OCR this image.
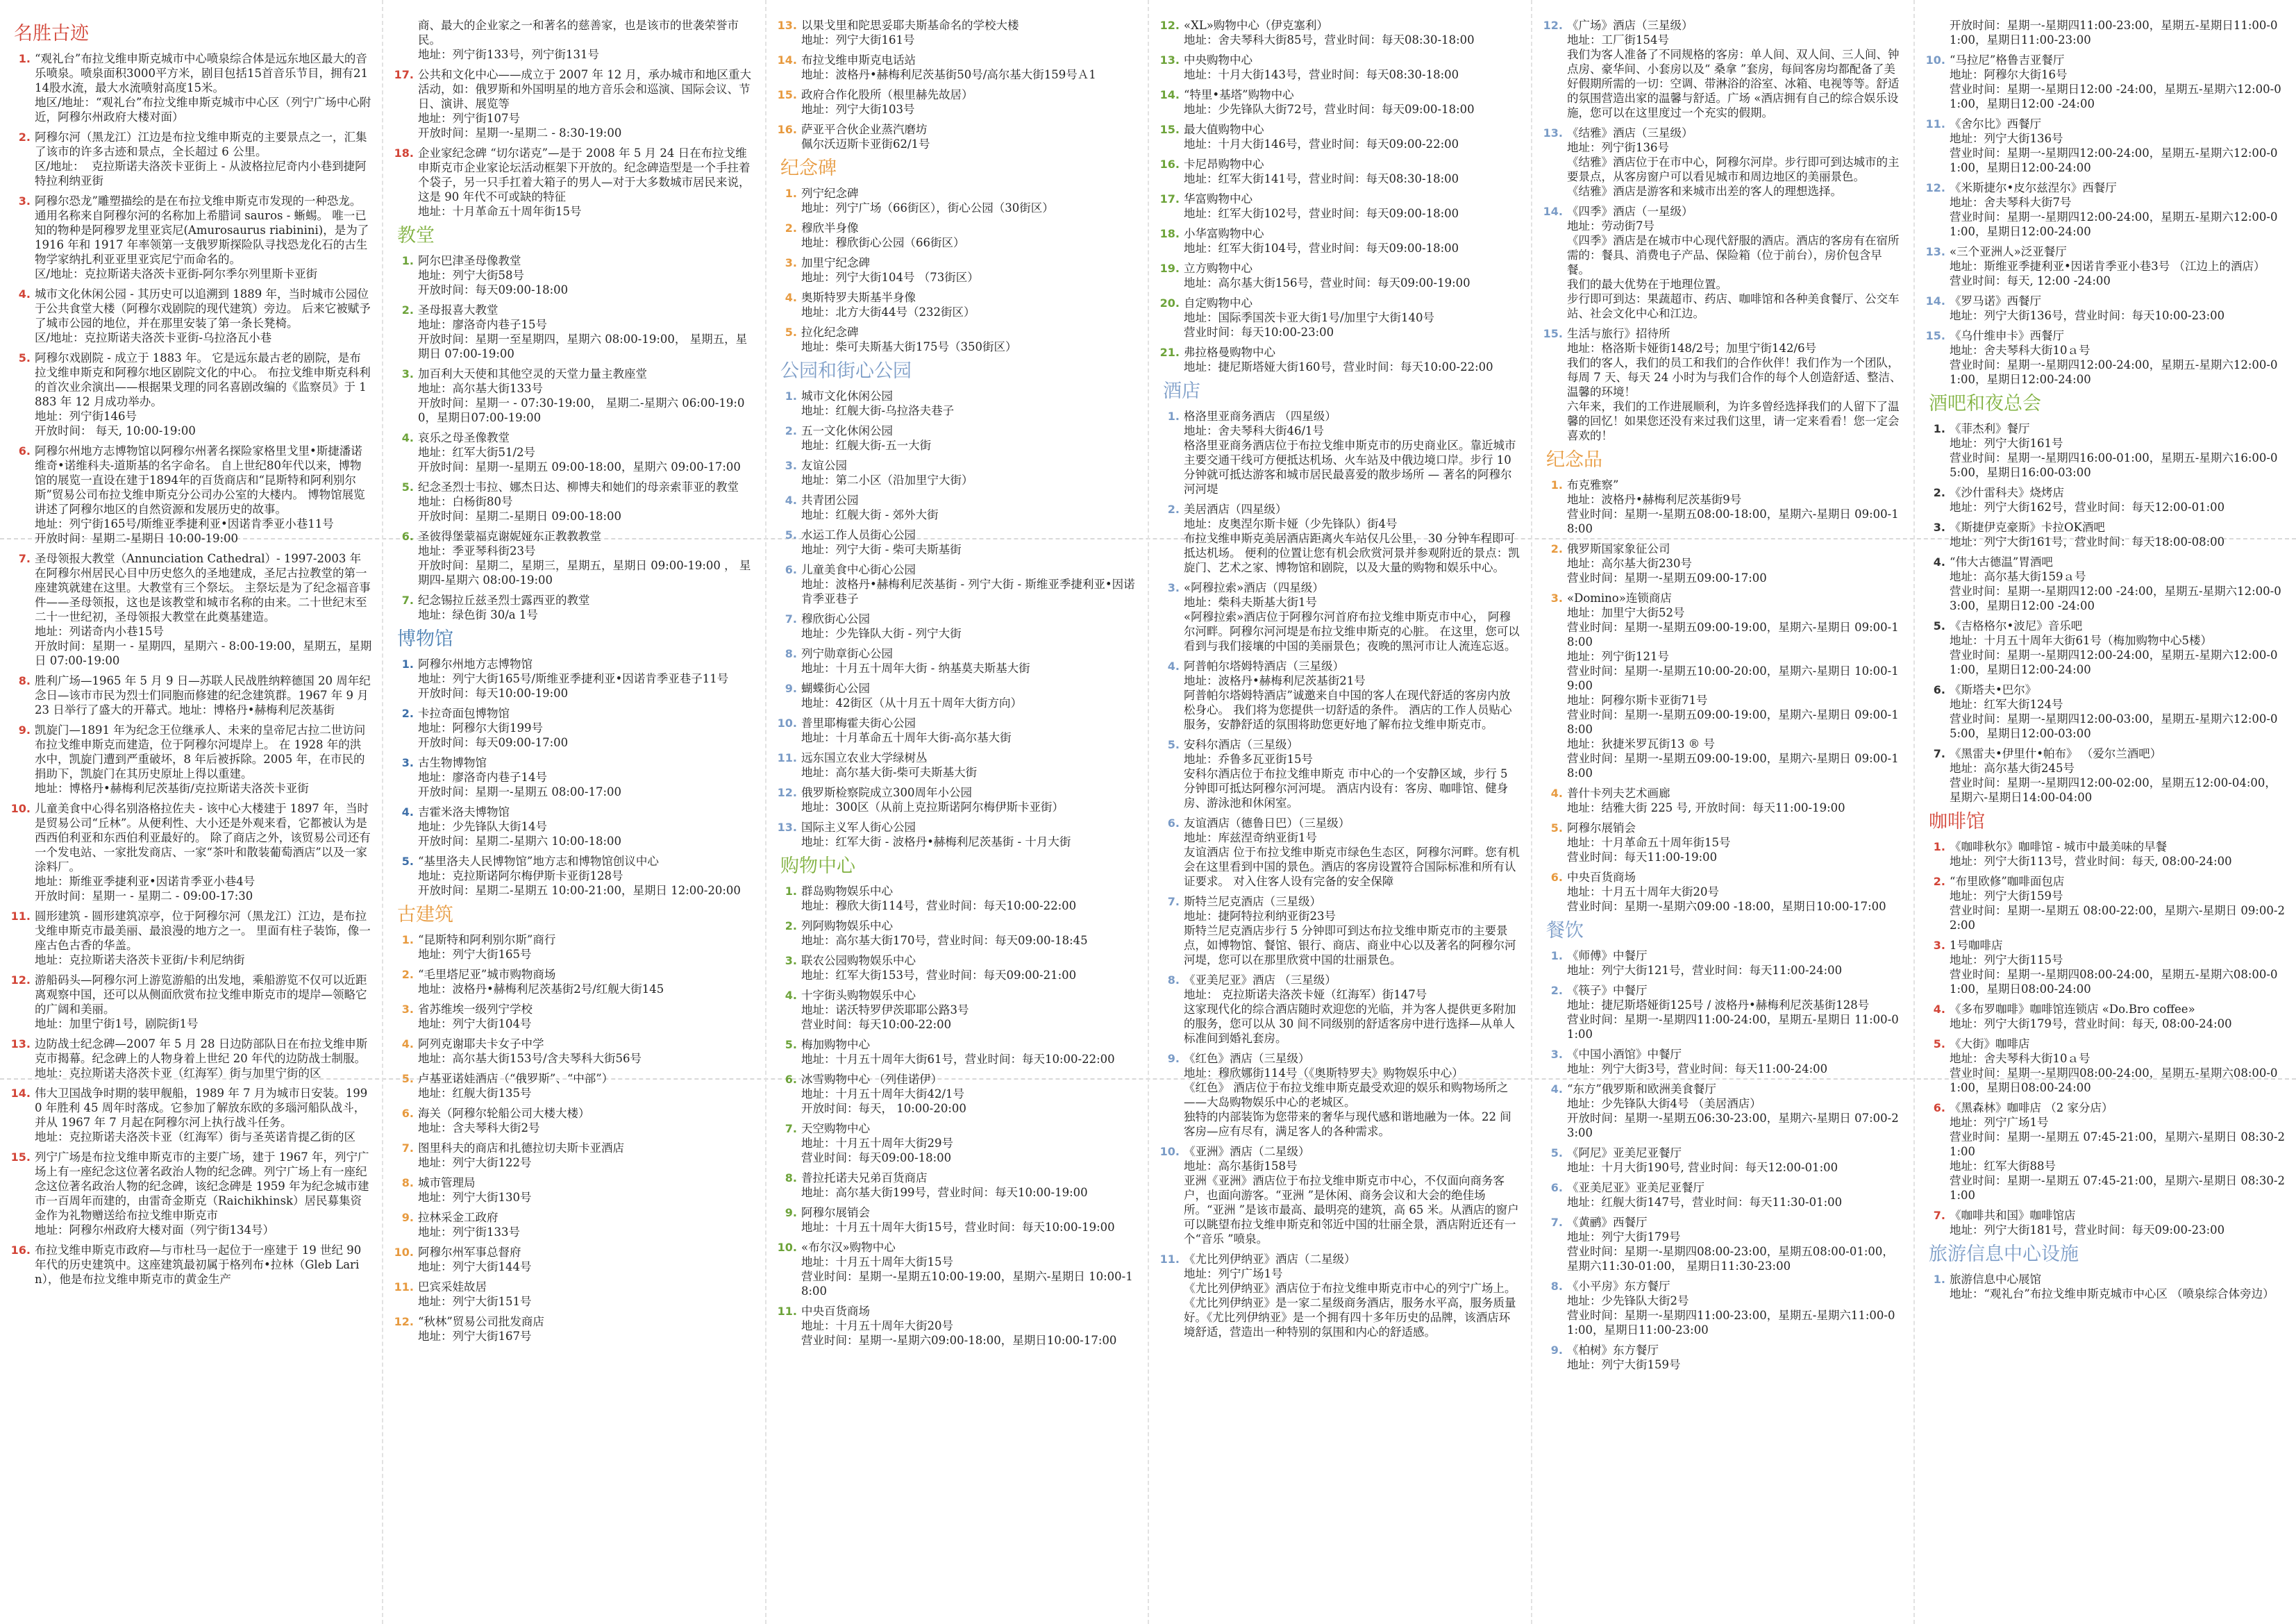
名胜古迹
1. “观礼台”布拉戈维申斯克城市中心喷泉综合体是远东地区最大的音乐喷泉。喷泉面积3000平方米，剧目包括15首音乐节目，拥有2114股水流，最大水流喷射高度15米。
地区/地址：“观礼台”布拉戈维申斯克城市中心区（列宁广场中心附近，阿穆尔州政府大楼对面）
2. 阿穆尔河（黑龙江）江边是布拉戈维申斯克的主要景点之一，汇集了该市的许多古迹和景点，全长超过 6 公里。
区/地址：  克拉斯诺夫洛茨卡亚街上 - 从波格拉尼奇内小巷到捷阿特拉利纳亚街
3. 阿穆尔恐龙”雕塑描绘的是在布拉戈维申斯克市发现的一种恐龙。 通用名称来自阿穆尔河的名称加上希腊词 sauros - 蜥蜴。 唯一已知的物种是阿穆罗龙里亚宾尼(Amurosaurus riabinini)，是为了 1916 年和 1917 年率领第一支俄罗斯探险队寻找恐龙化石的古生物学家纳扎利亚亚里亚宾尼宁而命名的。
区/地址：克拉斯诺夫洛茨卡亚街-阿尔季尔列里斯卡亚街
4. 城市文化休闲公园 - 其历史可以追溯到 1889 年，当时城市公园位于公共食堂大楼（阿穆尔戏剧院的现代建筑）旁边。 后来它被赋予了城市公园的地位，并在那里安装了第一条长凳椅。
区/地址：克拉斯诺夫洛茨卡亚街-乌拉洛瓦小巷
5. 阿穆尔戏剧院 - 成立于 1883 年。 它是远东最古老的剧院，是布拉戈维申斯克和阿穆尔地区剧院文化的中心。 布拉戈维申斯克科利的首次业余演出——根据果戈理的同名喜剧改编的《监察员》于 1883 年 12 月成功举办。
地址：列宁街146号
开放时间： 每天, 10:00-19:00
6. 阿穆尔州地方志博物馆以阿穆尔州著名探险家格里戈里•斯捷潘诺维奇•诺维科夫-道斯基的名字命名。 自上世纪80年代以来，博物馆的展览一直设在建于1894年的百货商店和“昆斯特和阿利别尔斯”贸易公司布拉戈维申斯克分公司办公室的大楼内。 博物馆展览讲述了阿穆尔地区的自然资源和发展历史的故事。
地址：列宁街165号/斯维亚季捷利亚•因诺肯季亚小巷11号
开放时间：星期二-星期日 10:00-19:00
7. 圣母领报大教堂（Annunciation Cathedral）- 1997-2003 年在阿穆尔州居民心目中历史悠久的圣地建成，圣尼古拉教堂的第一座建筑就建在这里。大教堂有三个祭坛。 主祭坛是为了纪念福音事件——圣母领报，这也是该教堂和城市名称的由来。二十世纪末至二十一世纪初，圣母领报大教堂在此奠基建造。
地址：列诺奇内小巷15号
开放时间：星期一 - 星期四，星期六 - 8:00-19:00，星期五，星期日 07:00-19:00
8. 胜利广场—1965 年 5 月 9 日—苏联人民战胜纳粹德国 20 周年纪念日—该市市民为烈士们同胞而修建的纪念建筑群。1967 年 9 月 23 日举行了盛大的开幕式。地址：博格丹•赫梅利尼茨基街
9. 凯旋门—1891 年为纪念王位继承人、未来的皇帝尼古拉二世访问布拉戈维申斯克而建造，位于阿穆尔河堤岸上。 在 1928 年的洪水中，凯旋门遭到严重破坏，8 年后被拆除。2005 年，在市民的捐助下，凯旋门在其历史原址上得以重建。
地址：博格丹•赫梅利尼茨基街/克拉斯诺夫洛茨卡亚街
10. 儿童美食中心得名别洛格拉佐夫 - 该中心大楼建于 1897 年，当时是贸易公司“丘林”。从便利性、大小还是外观来看，它都被认为是西西伯利亚和东西伯利亚最好的。 除了商店之外，该贸易公司还有一个发电站、一家批发商店、一家“茶叶和散装葡萄酒店”以及一家涂料厂。
地址：斯维亚季捷利亚•因诺肯季亚小巷4号
开放时间：星期一 - 星期二 - 09:00-17:30
11. 圆形建筑 - 圆形建筑凉亭，位于阿穆尔河（黑龙江）江边，是布拉戈维申斯克市最美丽、最浪漫的地方之一。 里面有柱子装饰，像一座古色古香的华盖。
地址：克拉斯诺夫洛茨卡亚街/卡利尼纳街
12. 游船码头—阿穆尔河上游览游船的出发地，乘船游览不仅可以近距离观察中国，还可以从侧面欣赏布拉戈维申斯克市的堤岸—领略它的广阔和美丽。
地址：加里宁街1号，剧院街1号
13. 边防战士纪念碑—2007 年 5 月 28 日边防部队日在布拉戈维申斯克市揭幕。纪念碑上的人物身着上世纪 20 年代的边防战士制服。
地址：克拉斯诺夫洛茨卡亚（红海军）街与加里宁街的区
14. 伟大卫国战争时期的装甲舰船，1989 年 7 月为城市日安装。1990 年胜利 45 周年时落成。它参加了解放东欧的多瑙河船队战斗，并从 1967 年 7 月起在阿穆尔河上执行战斗任务。
地址：克拉斯诺夫洛茨卡亚（红海军）街与圣英诺肯提乙街的区
15. 列宁广场是布拉戈维申斯克市的主要广场，建于 1967 年，列宁广场上有一座纪念这位著名政治人物的纪念碑。列宁广场上有一座纪念这位著名政治人物的纪念碑，该纪念碑是 1959 年为纪念城市建市一百周年而建的，由雷奇金斯克（Raichikhinsk）居民募集资金作为礼物赠送给布拉戈维申斯克市
地址：阿穆尔州政府大楼对面（列宁街134号）
16. 布拉戈维申斯克市政府—与市杜马一起位于一座建于 19 世纪 90 年代的历史建筑中。这座建筑最初属于格列布•拉林（Gleb Larin），他是布拉戈维申斯克市的黄金生产
商、最大的企业家之一和著名的慈善家，也是该市的世袭荣誉市民。
地址：列宁街133号，列宁街131号
17. 公共和文化中心——成立于 2007 年 12 月，承办城市和地区重大活动，如：俄罗斯和外国明星的地方音乐会和巡演、国际会议、节日、演讲、展览等
地址：列宁街107号
开放时间：星期一-星期二 - 8:30-19:00
18. 企业家纪念碑 “切尔诺克”—是于 2008 年 5 月 24 日在布拉戈维申斯克市企业家论坛活动框架下开放的。纪念碑造型是一个手拄着个袋子，另一只手扛着大箱子的男人—对于大多数城市居民来说，这是 90 年代不可或缺的特征
地址：十月革命五十周年街15号
教堂
1. 阿尔巴津圣母像教堂
地址：列宁大街58号
开放时间：每天09:00-18:00
2. 圣母报喜大教堂
地址：廖洛奇内巷子15号
开放时间：星期一至星期四，星期六 08:00-19:00， 星期五，星期日 07:00-19:00
3. 加百利大天使和其他空灵的天堂力量主教座堂
地址：高尔基大街133号
开放时间：星期一 - 07:30-19:00， 星期二-星期六 06:00-19:00，星期日07:00-19:00
4. 哀乐之母圣像教堂
地址：红军大街51/2号
开放时间：星期一-星期五 09:00-18:00，星期六 09:00-17:00
5. 纪念圣烈士韦拉、娜杰日达、柳博夫和她们的母亲索菲亚的教堂
地址：白杨街80号
开放时间：星期二-星期日 09:00-18:00
6. 圣彼得堡蒙福克谢妮娅东正教教教堂
地址：季亚琴科街23号
开放时间：星期二，星期三，星期五，星期日 09:00-19:00 ， 星期四-星期六 08:00-19:00
7. 纪念锡拉丘兹圣烈士露西亚的教堂
地址：绿色街 30/а 1号
博物馆
1. 阿穆尔州地方志博物馆
地址：列宁大街165号/斯维亚季捷利亚•因诺肯季亚巷子11号
开放时间：每天10:00-19:00
2. 卡拉奇面包博物馆
地址：阿穆尔大街199号
开放时间：每天09:00-17:00
3. 古生物博物馆
地址：廖洛奇内巷子14号
开放时间：星期一-星期五 08:00-17:00
4. 吉霍米洛夫博物馆
地址：少先锋队大街14号
开放时间：星期二-星期六 10:00-18:00
5. “基里洛夫人民博物馆”地方志和博物馆创议中心
地址：克拉斯诺阿尔梅伊斯卡亚街128号
开放时间：星期二-星期五 10:00-21:00，星期日 12:00-20:00
古建筑
1. “昆斯特和阿利别尔斯”商行
地址：列宁大街165号
2. “毛里塔尼亚”城市购物商场
地址：波格丹•赫梅利尼茨基街2号/红舰大街145
3. 省苏维埃一级列宁学校
地址：列宁大街104号
4. 阿列克谢耶夫卡女子中学
地址：高尔基大街153号/含夫琴科大街56号
5. 卢基亚诺娃酒店（“俄罗斯”、“中部”）
地址：红舰大街135号
6. 海关（阿穆尔轮船公司大楼大楼）
地址：含夫琴科大街2号
7. 图里科夫的商店和扎德拉切夫斯卡亚酒店
地址：列宁大街122号
8. 城市管理局
地址：列宁大街130号
9. 拉林采金工政府
地址：列宁街133号
10. 阿穆尔州军事总督府
地址：列宁大街144号
11. 巴宾采娃故居
地址：列宁大街151号
12. “秋林”贸易公司批发商店
地址：列宁大街167号
13. 以果戈里和陀思妥耶夫斯基命名的学校大楼
地址：列宁大街161号
14. 布拉戈维申斯克电话站
地址：波格丹•赫梅利尼茨基街50号/高尔基大街159号Ａ1
15. 政府合作化股所（根里赫先故居）
地址：列宁大街103号
16. 萨亚平合伙企业蒸汽磨坊
佩尔沃迈斯卡亚街62/1号
纪念碑
1. 列宁纪念碑
地址：列宁广场（66街区），街心公园（30街区）
2. 穆欣半身像
地址：穆欣街心公园（66街区）
3. 加里宁纪念碑
地址：列宁大街104号 （73街区）
4. 奥斯特罗夫斯基半身像
地址：北方大街44号（232街区）
5. 拉化纪念碑
地址：柴可夫斯基大街175号（350街区）
公园和街心公园
1. 城市文化休闲公园
地址：红舰大街-乌拉洛夫巷子
2. 五一文化休闲公园
地址：红舰大街-五一大街
3. 友谊公园
地址：第二小区（沿加里宁大街）
4. 共青团公园
地址：红舰大街 - 郊外大街
5. 水运工作人员街心公园
地址：列宁大街 - 柴可夫斯基街
6. 儿童美食中心街心公园
地址：波格丹•赫梅利尼茨基街 - 列宁大街 - 斯维亚季捷利亚•因诺肯季亚巷子
7. 穆欣街心公园
地址：少先锋队大街 - 列宁大街
8. 列宁勋章街心公园
地址：十月五十周年大街 - 纳基莫夫斯基大街
9. 蝴蝶街心公园
地址：42街区（从十月五十周年大街方向）
10. 普里耶梅霍夫街心公园
地址：十月革命五十周年大街-高尔基大街
11. 远东国立农业大学绿树丛
地址：高尔基大街-柴可夫斯基大街
12. 俄罗斯检察院成立300周年小公园
地址：300区（从前上克拉斯诺阿尔梅伊斯卡亚街）
13. 国际主义军人街心公园
地址：红军大街 - 波格丹•赫梅利尼茨基街 - 十月大街
购物中心
1. 群岛购物娱乐中心
地址：穆欣大街114号，营业时间：每天10:00-22:00
2. 列阿购物娱乐中心
地址：高尔基大街170号，营业时间：每天09:00-18:45
3. 联农公园购物娱乐中心
地址：红军大街153号，营业时间：每天09:00-21:00
4. 十字街头购物娱乐中心
地址：诺沃特罗伊茨耶耶公路3号
营业时间：每天10:00-22:00
5. 梅加购物中心
地址：十月五十周年大街61号，营业时间：每天10:00-22:00
6. 冰雪购物中心 （列佳诺伊）
地址：十月五十周年大街42/1号
开放时间：每天， 10:00-20:00
7. 天空购物中心
地址：十月五十周年大街29号
营业时间：每天09:00-18:00
8. 普拉托诺夫兄弟百货商店
地址：高尔基大街199号，营业时间：每天10:00-19:00
9. 阿穆尔展销会
地址：十月五十周年大街15号，营业时间：每天10:00-19:00
10. «布尔汉»购物中心
地址：十月五十周年大街15号
营业时间：星期一-星期五10:00-19:00，星期六-星期日 10:00-18:00
11. 中央百货商场
地址：十月五十周年大街20号
营业时间：星期一-星期六09:00-18:00，星期日10:00-17:00
12. «XL»购物中心（伊克塞利）
地址：舍夫琴科大街85号，营业时间：每天08:30-18:00
13. 中央购物中心
地址：十月大街143号，营业时间：每天08:30-18:00
14. “特里•基塔”购物中心
地址：少先锋队大街72号，营业时间：每天09:00-18:00
15. 最大值购物中心
地址：十月大街146号，营业时间：每天09:00-22:00
16. 卡尼昂购物中心
地址：红军大街141号，营业时间：每天08:30-18:00
17. 华富购物中心
地址：红军大街102号，营业时间：每天09:00-18:00
18. 小华富购物中心
地址：红军大街104号，营业时间：每天09:00-18:00
19. 立方购物中心
地址：高尔基大街156号，营业时间：每天09:00-19:00
20. 自定购物中心
地址：国际季国茨卡亚大街1号/加里宁大街140号
营业时间：每天10:00-23:00
21. 弗拉格曼购物中心
地址：捷尼斯塔娅大街160号，营业时间：每天10:00-22:00
酒店
1. 格洛里亚商务酒店 （四星级）
地址：舍夫琴科大街46/1号
格洛里亚商务酒店位于布拉戈维申斯克市的历史商业区。靠近城市主要交通干线可方便抵达机场、火车站及中俄边境口岸。步行 10 分钟就可抵达游客和城市居民最喜爱的散步场所 — 著名的阿穆尔河河堤
2. 美居酒店（四星级）
地址：皮奥涅尔斯卡娅（少先锋队）街4号
布拉戈维申斯克美居酒店距离火车站仅几公里， 30 分钟车程即可抵达机场。 便利的位置让您有机会欣赏河景并参观附近的景点：凯旋门、艺术之家、博物馆和剧院，以及大量的购物和娱乐中心。
3. «阿穆拉索»酒店（四星级）
地址：柴科夫斯基大街1号
«阿穆拉索»酒店位于阿穆尔河首府布拉戈维申斯克市中心， 阿穆尔河畔。阿穆尔河河堤是布拉戈维申斯克的心脏。 在这里，您可以看到与我们接壤的中国的美丽景色；夜晚的黑河市让人流连忘返。
4. 阿普帕尔塔姆特酒店（三星级）
地址：波格丹•赫梅利尼茨基街21号
阿普帕尔塔姆特酒店”诚邀来自中国的客人在现代舒适的客房内放松身心。 我们将为您提供一切舒适的条件。 酒店的工作人员贴心服务，安静舒适的氛围将助您更好地了解布拉戈维申斯克市。
5. 安科尔酒店（三星级）
地址：乔鲁多瓦亚街15号
安科尔酒店位于布拉戈维申斯克 市中心的一个安静区域，步行 5 分钟即可抵达阿穆尔河河堤。 酒店内设有：客房、咖啡馆、健身房、游泳池和休闲室。
6. 友谊酒店（德鲁日巴）（三星级）
地址：库兹涅奇纳亚街1号
友谊酒店 位于布拉戈维申斯克市绿色生态区，阿穆尔河畔。您有机会在这里看到中国的景色。酒店的客房设置符合国际标准和所有认证要求。 对入住客人设有完备的安全保障
7. 斯特兰尼克酒店（三星级）
地址：捷阿特拉利纳亚街23号
斯特兰尼克酒店步行 5 分钟即可到达布拉戈维申斯克市的主要景点，如博物馆、餐馆、银行、商店、商业中心以及著名的阿穆尔河河堤，您可以在那里欣赏中国的壮丽景色。
8. 《亚美尼亚》酒店 （三星级）
地址： 克拉斯诺夫洛茨卡娅（红海军）街147号
这家现代化的综合酒店随时欢迎您的光临，并为客人提供更多附加的服务，您可以从 30 间不同级别的舒适客房中进行选择—从单人标准间到婚礼套房。
9. 《红色》酒店（三星级）
地址：穆欣娜街114号（《奥斯特罗夫》购物娱乐中心）
《红色》 酒店位于布拉戈维申斯克最受欢迎的娱乐和购物场所之——大岛购物娱乐中心的老城区。
独特的内部装饰为您带来的奢华与现代感和谐地融为一体。22 间客房—应有尽有，满足客人的各种需求。
10. 《亚洲》酒店（二星级）
地址：高尔基街158号
亚洲《亚洲》酒店位于布拉戈维申斯克市中心，不仅面向商务客户，也面向游客。“亚洲 ”是休闲、商务会议和大会的绝佳场所。“亚洲 ”是该市最高、最明亮的建筑，高 65 米。从酒店的窗户可以眺望布拉戈维申斯克和邻近中国的壮丽全景，酒店附近还有一个“音乐 ”喷泉。
11. 《尤比列伊纳亚》酒店（二星级）
地址：列宁广场1号
《尤比列伊纳亚》酒店位于布拉戈维申斯克市中心的列宁广场上。《尤比列伊纳亚》是一家二星级商务酒店，服务水平高，服务质量好。《尤比列伊纳亚》是一个拥有四十多年历史的品牌，该酒店环境舒适，营造出一种特别的氛围和内心的舒适感。
12. 《广场》酒店（三星级）
地址：工厂街154号
我们为客人准备了不同规格的客房：单人间、双人间、三人间、钟点房、豪华间、小套房以及“ 桑拿 ”套房，每间客房均都配备了美好假期所需的一切：空调、带淋浴的浴室、冰箱、电视等等。舒适的氛围营造出家的温馨与舒适。广场 «酒店拥有自己的综合娱乐设施，您可以在这里度过一个充实的假期。
13. 《结雅》酒店（三星级）
地址：列宁街136号
《结雅》酒店位于在市中心，阿穆尔河岸。步行即可到达城市的主要景点，从客房窗户可以看见城市和周边地区的美丽景色。
《结雅》酒店是游客和来城市出差的客人的理想选择。
14. 《四季》酒店（一星级）
地址：劳动街7号
《四季》酒店是在城市中心现代舒服的酒店。酒店的客房有在宿所需的：餐具、消费电子产品、保险箱（位于前台），房价包含早餐。
我们的最大优势在于地理位置。
步行即可到达：果蔬超市、药店、咖啡馆和各种美食餐厅、公交车站、社会文化中心和江边。
15. 生活与旅行》招待所
地址：格洛斯卡娅街148/2号；加里宁街142/6号
我们的客人，我们的员工和我们的合作伙伴！我们作为一个团队，每周 7 天、每天 24 小时为与我们合作的每个人创造舒适、整洁、温馨的环境！
六年来，我们的工作进展顺利，为许多曾经选择我们的人留下了温馨的回忆！如果您还没有来过我们这里，请一定来看看！您一定会喜欢的！
纪念品
1. 布克雅察”
地址：波格丹•赫梅利尼茨基街9号
营业时间：星期一-星期五08:00-18:00，星期六-星期日 09:00-18:00
2. 俄罗斯国家象征公司
地址：高尔基大街230号
营业时间：星期一-星期五09:00-17:00
3. «Domino»连锁商店
地址：加里宁大街52号
营业时间：星期一-星期五09:00-19:00，星期六-星期日 09:00-18:00
地址：列宁街121号
营业时间：星期一-星期五10:00-20:00，星期六-星期日 10:00-19:00
地址：阿穆尔斯卡亚街71号
营业时间：星期一-星期五09:00-19:00，星期六-星期日 09:00-18:00
地址：狄捷米罗瓦街13 ® 号
营业时间：星期一-星期五09:00-19:00，星期六-星期日 09:00-18:00
4. 普什卡列夫艺术画廊
地址：结雅大街 225 号, 开放时间：每天11:00-19:00
5. 阿穆尔展销会
地址：十月革命五十周年街15号
营业时间：每天11:00-19:00
6. 中央百货商场
地址：十月五十周年大街20号
营业时间：星期一-星期六09:00 -18:00，星期日10:00-17:00
餐饮
1. 《师傅》中餐厅
地址：列宁大街121号，营业时间：每天11:00-24:00
2. 《筷子》中餐厅
地址：捷尼斯塔娅街125号 / 波格丹•赫梅利尼茨基街128号
营业时间：星期一-星期四11:00-24:00，星期五-星期日 11:00-01:00
3. 《中国小酒馆》中餐厅
地址：列宁大街3号，营业时间：每天11:00-24:00
4. “东方”俄罗斯和欧洲美食餐厅
地址：少先锋队大街4号 （美居酒店）
开放时间：星期一-星期五06:30-23:00，星期六-星期日 07:00-23:00
5. 《阿尼》亚美尼亚餐厅
地址：十月大街190号, 营业时间：每天12:00-01:00
6. 《亚美尼亚》亚美尼亚餐厅
地址：红舰大街147号，营业时间：每天11:30-01:00
7. 《黄鹂》西餐厅
地址：列宁大街179号
营业时间：星期一-星期四08:00-23:00，星期五08:00-01:00，星期六11:30-01:00， 星期日11:30-23:00
8. 《小平房》东方餐厅
地址：少先锋队大街2号
营业时间：星期一-星期四11:00-23:00，星期五-星期六11:00-01:00，星期日11:00-23:00
9. 《柏树》东方餐厅
地址：列宁大街159号
开放时间：星期一-星期四11:00-23:00，星期五-星期日11:00-01:00，星期日11:00-23:00
10. “马拉尼”格鲁吉亚餐厅
地址：阿穆尔大街16号
营业时间：星期一-星期日12:00 -24:00，星期五-星期六12:00-01:00，星期日12:00 -24:00
11. 《舍尔比》西餐厅
地址：列宁大街136号
营业时间：星期一-星期四12:00-24:00，星期五-星期六12:00-01:00，星期日12:00-24:00
12. 《米斯捷尔•皮尔兹涅尔》西餐厅
地址：舍夫琴科大街7号
营业时间：星期一-星期四12:00-24:00，星期五-星期六12:00-01:00，星期日12:00-24:00
13. «三个亚洲人»泛亚餐厅
地址：斯维亚季捷利亚•因诺肯季亚小巷3号 （江边上的酒店）
营业时间：每天, 12:00 -24:00
14. 《罗马诺》西餐厅
地址：列宁大街136号，营业时间：每天10:00-23:00
15. 《乌什维申卡》西餐厅
地址：舍夫琴科大街10ａ号
营业时间：星期一-星期四12:00-24:00，星期五-星期六12:00-01:00，星期日12:00-24:00
酒吧和夜总会
1. 《菲杰利》餐厅
地址：列宁大街161号
营业时间：星期一-星期四16:00-01:00，星期五-星期六16:00-05:00，星期日16:00-03:00
2. 《沙什雷科夫》烧烤店
地址：列宁大街162号，营业时间：每天12:00-01:00
3. 《斯捷伊克豪斯》卡拉OK酒吧
地址：列宁大街161号，营业时间：每天18:00-08:00
4. “伟大古德温”胃酒吧
地址：高尔基大街159ａ号
营业时间：星期一-星期四12:00 -24:00，星期五-星期六12:00-03:00，星期日12:00 -24:00
5. 《吉格格尔•波尼》音乐吧
地址：十月五十周年大街61号（梅加购物中心5楼）
营业时间：星期一-星期四12:00-24:00，星期五-星期六12:00-01:00，星期日12:00-24:00
6. 《斯塔夫•巴尔》
地址：红军大街124号
营业时间：星期一-星期四12:00-03:00，星期五-星期六12:00-05:00，星期日12:00-03:00
7. 《黑雷夫•伊里什•帕布》 （爱尔兰酒吧）
地址：高尔基大街245号
营业时间：星期一-星期四12:00-02:00，星期五12:00-04:00，星期六-星期日14:00-04:00
咖啡馆
1. 《咖啡秋尔》咖啡馆 - 城市中最美味的早餐
地址：列宁大街113号，营业时间：每天, 08:00-24:00
2. “布里欧修”咖啡面包店
地址：列宁大街159号
营业时间：星期一-星期五 08:00-22:00，星期六-星期日 09:00-22:00
3. 1号咖啡店
地址：列宁大街115号
营业时间：星期一-星期四08:00-24:00，星期五-星期六08:00-01:00，星期日08:00-24:00
4. 《多布罗咖啡》咖啡馆连锁店 «Do.Bro coffee»
地址：列宁大街179号，营业时间：每天, 08:00-24:00
5. 《大街》咖啡店
地址：舍夫琴科大街10ａ号
营业时间：星期一-星期四08:00-24:00，星期五-星期六08:00-01:00，星期日08:00-24:00
6. 《黑森林》咖啡店 （2 家分店）
地址：列宁广场1号
营业时间：星期一-星期五 07:45-21:00，星期六-星期日 08:30-21:00
地址：红军大街88号
营业时间：星期一-星期五 07:45-21:00，星期六-星期日 08:30-21:00
7. 《咖啡共和国》咖啡馆店
地址：列宁大街181号，营业时间：每天09:00-23:00
旅游信息中心设施
1. 旅游信息中心展馆
地址：“观礼台”布拉戈维申斯克城市中心区 （喷泉综合体旁边）
